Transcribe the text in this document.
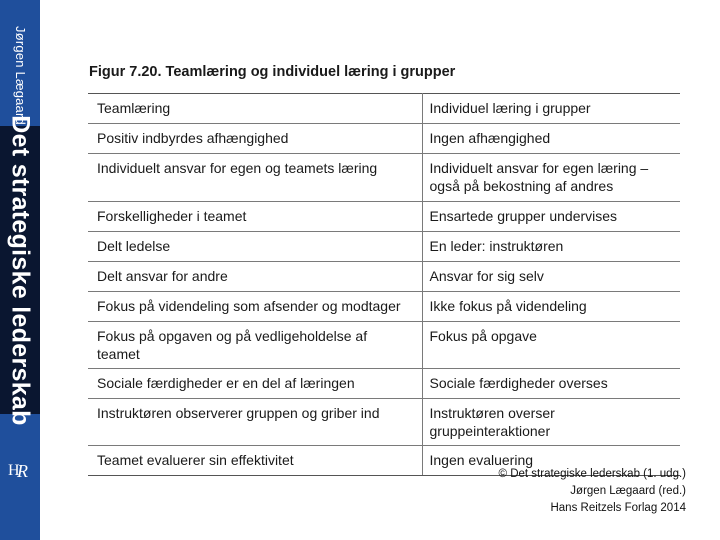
Jørgen Lægaard
Det strategiske lederskab
H
R
Figur 7.20. Teamlæring og individuel læring i grupper
Teamlæring	Individuel læring i grupper
Positiv indbyrdes afhængighed	Ingen afhængighed
Individuelt ansvar for egen og teamets læring	Individuelt ansvar for egen læring –
også på bekostning af andres

Forskelligheder i teamet	Ensartede grupper undervises
Delt ledelse	En leder: instruktøren
Delt ansvar for andre	Ansvar for sig selv
Fokus på videndeling som afsender og modtager	Ikke fokus på videndeling
Fokus på opgaven og på vedligeholdelse af teamet	Fokus på opgave
Sociale færdigheder er en del af læringen	Sociale færdigheder overses
Instruktøren observerer gruppen og griber ind	Instruktøren overser gruppeinteraktioner
Teamet evaluerer sin effektivitet	Ingen evaluering
© Det strategiske lederskab (1. udg.)
Jørgen Lægaard (red.)
Hans Reitzels Forlag 2014
